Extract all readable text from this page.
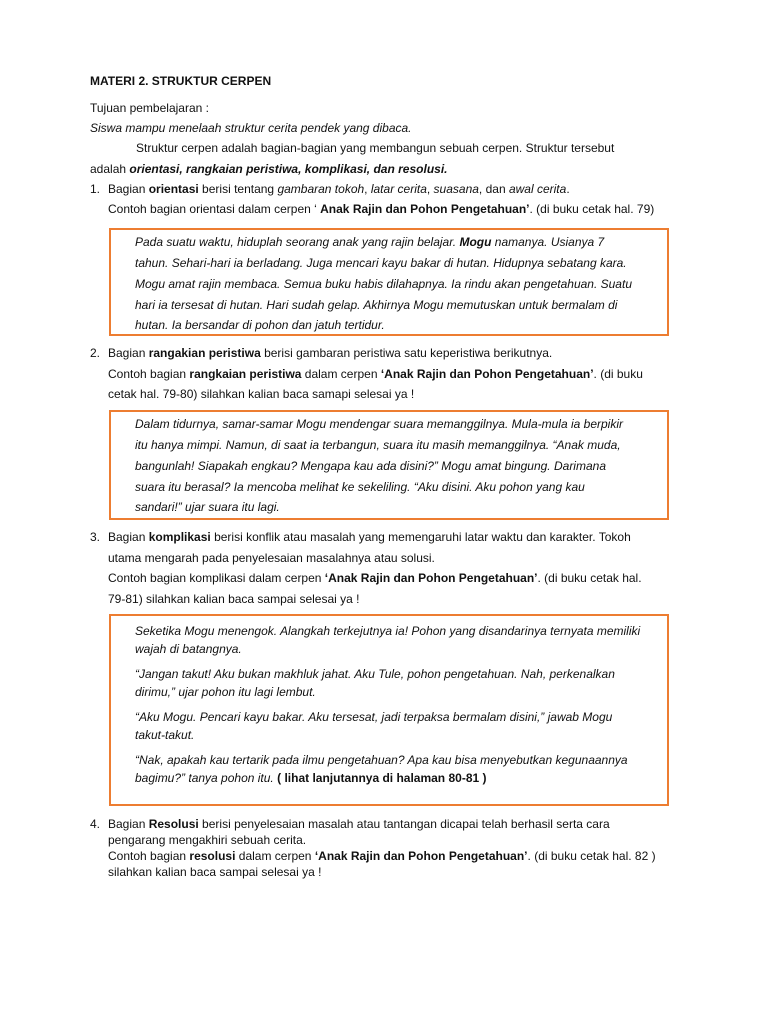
MATERI 2. STRUKTUR CERPEN
Tujuan pembelajaran :
Siswa mampu menelaah struktur cerita pendek yang dibaca.
Struktur cerpen adalah bagian-bagian yang membangun sebuah cerpen. Struktur tersebut
adalah orientasi, rangkaian peristiwa, komplikasi, dan resolusi.
1. Bagian orientasi berisi tentang gambaran tokoh, latar cerita, suasana, dan awal cerita.
Contoh bagian orientasi dalam cerpen ‘ Anak Rajin dan Pohon Pengetahuan’. (di buku cetak hal. 79)
Pada suatu waktu, hiduplah seorang anak yang rajin belajar. Mogu namanya. Usianya 7
tahun. Sehari-hari ia berladang. Juga mencari kayu bakar di hutan. Hidupnya sebatang kara.
Mogu amat rajin membaca. Semua buku habis dilahapnya. Ia rindu akan pengetahuan. Suatu
hari ia tersesat di hutan. Hari sudah gelap. Akhirnya Mogu memutuskan untuk bermalam di
hutan. Ia bersandar di pohon dan jatuh tertidur.
2. Bagian rangakian peristiwa berisi gambaran peristiwa satu keperistiwa berikutnya.
Contoh bagian rangkaian peristiwa dalam cerpen ‘Anak Rajin dan Pohon Pengetahuan’. (di buku
cetak hal. 79-80) silahkan kalian baca samapi selesai ya !
Dalam tidurnya, samar-samar Mogu mendengar suara memanggilnya. Mula-mula ia berpikir
itu hanya mimpi. Namun, di saat ia terbangun, suara itu masih memanggilnya. “Anak muda,
bangunlah! Siapakah engkau? Mengapa kau ada disini?” Mogu amat bingung. Darimana
suara itu berasal? Ia mencoba melihat ke sekeliling. “Aku disini. Aku pohon yang kau
sandari!” ujar suara itu lagi.
3. Bagian komplikasi berisi konflik atau masalah yang memengaruhi latar waktu dan karakter. Tokoh
utama mengarah pada penyelesaian masalahnya atau solusi.
Contoh bagian komplikasi dalam cerpen ‘Anak Rajin dan Pohon Pengetahuan’. (di buku cetak hal.
79-81) silahkan kalian baca sampai selesai ya !
Seketika Mogu menengok. Alangkah terkejutnya ia! Pohon yang disandarinya ternyata memiliki
wajah di batangnya.
“Jangan takut! Aku bukan makhluk jahat. Aku Tule, pohon pengetahuan. Nah, perkenalkan
dirimu,” ujar pohon itu lagi lembut.
“Aku Mogu. Pencari kayu bakar. Aku tersesat, jadi terpaksa bermalam disini,” jawab Mogu
takut-takut.
“Nak, apakah kau tertarik pada ilmu pengetahuan? Apa kau bisa menyebutkan kegunaannya
bagimu?” tanya pohon itu. ( lihat lanjutannya di halaman 80-81 )
4. Bagian Resolusi berisi penyelesaian masalah atau tantangan dicapai telah berhasil serta cara
pengarang mengakhiri sebuah cerita.
Contoh bagian resolusi dalam cerpen ‘Anak Rajin dan Pohon Pengetahuan’. (di buku cetak hal. 82 )
silahkan kalian baca sampai selesai ya !
